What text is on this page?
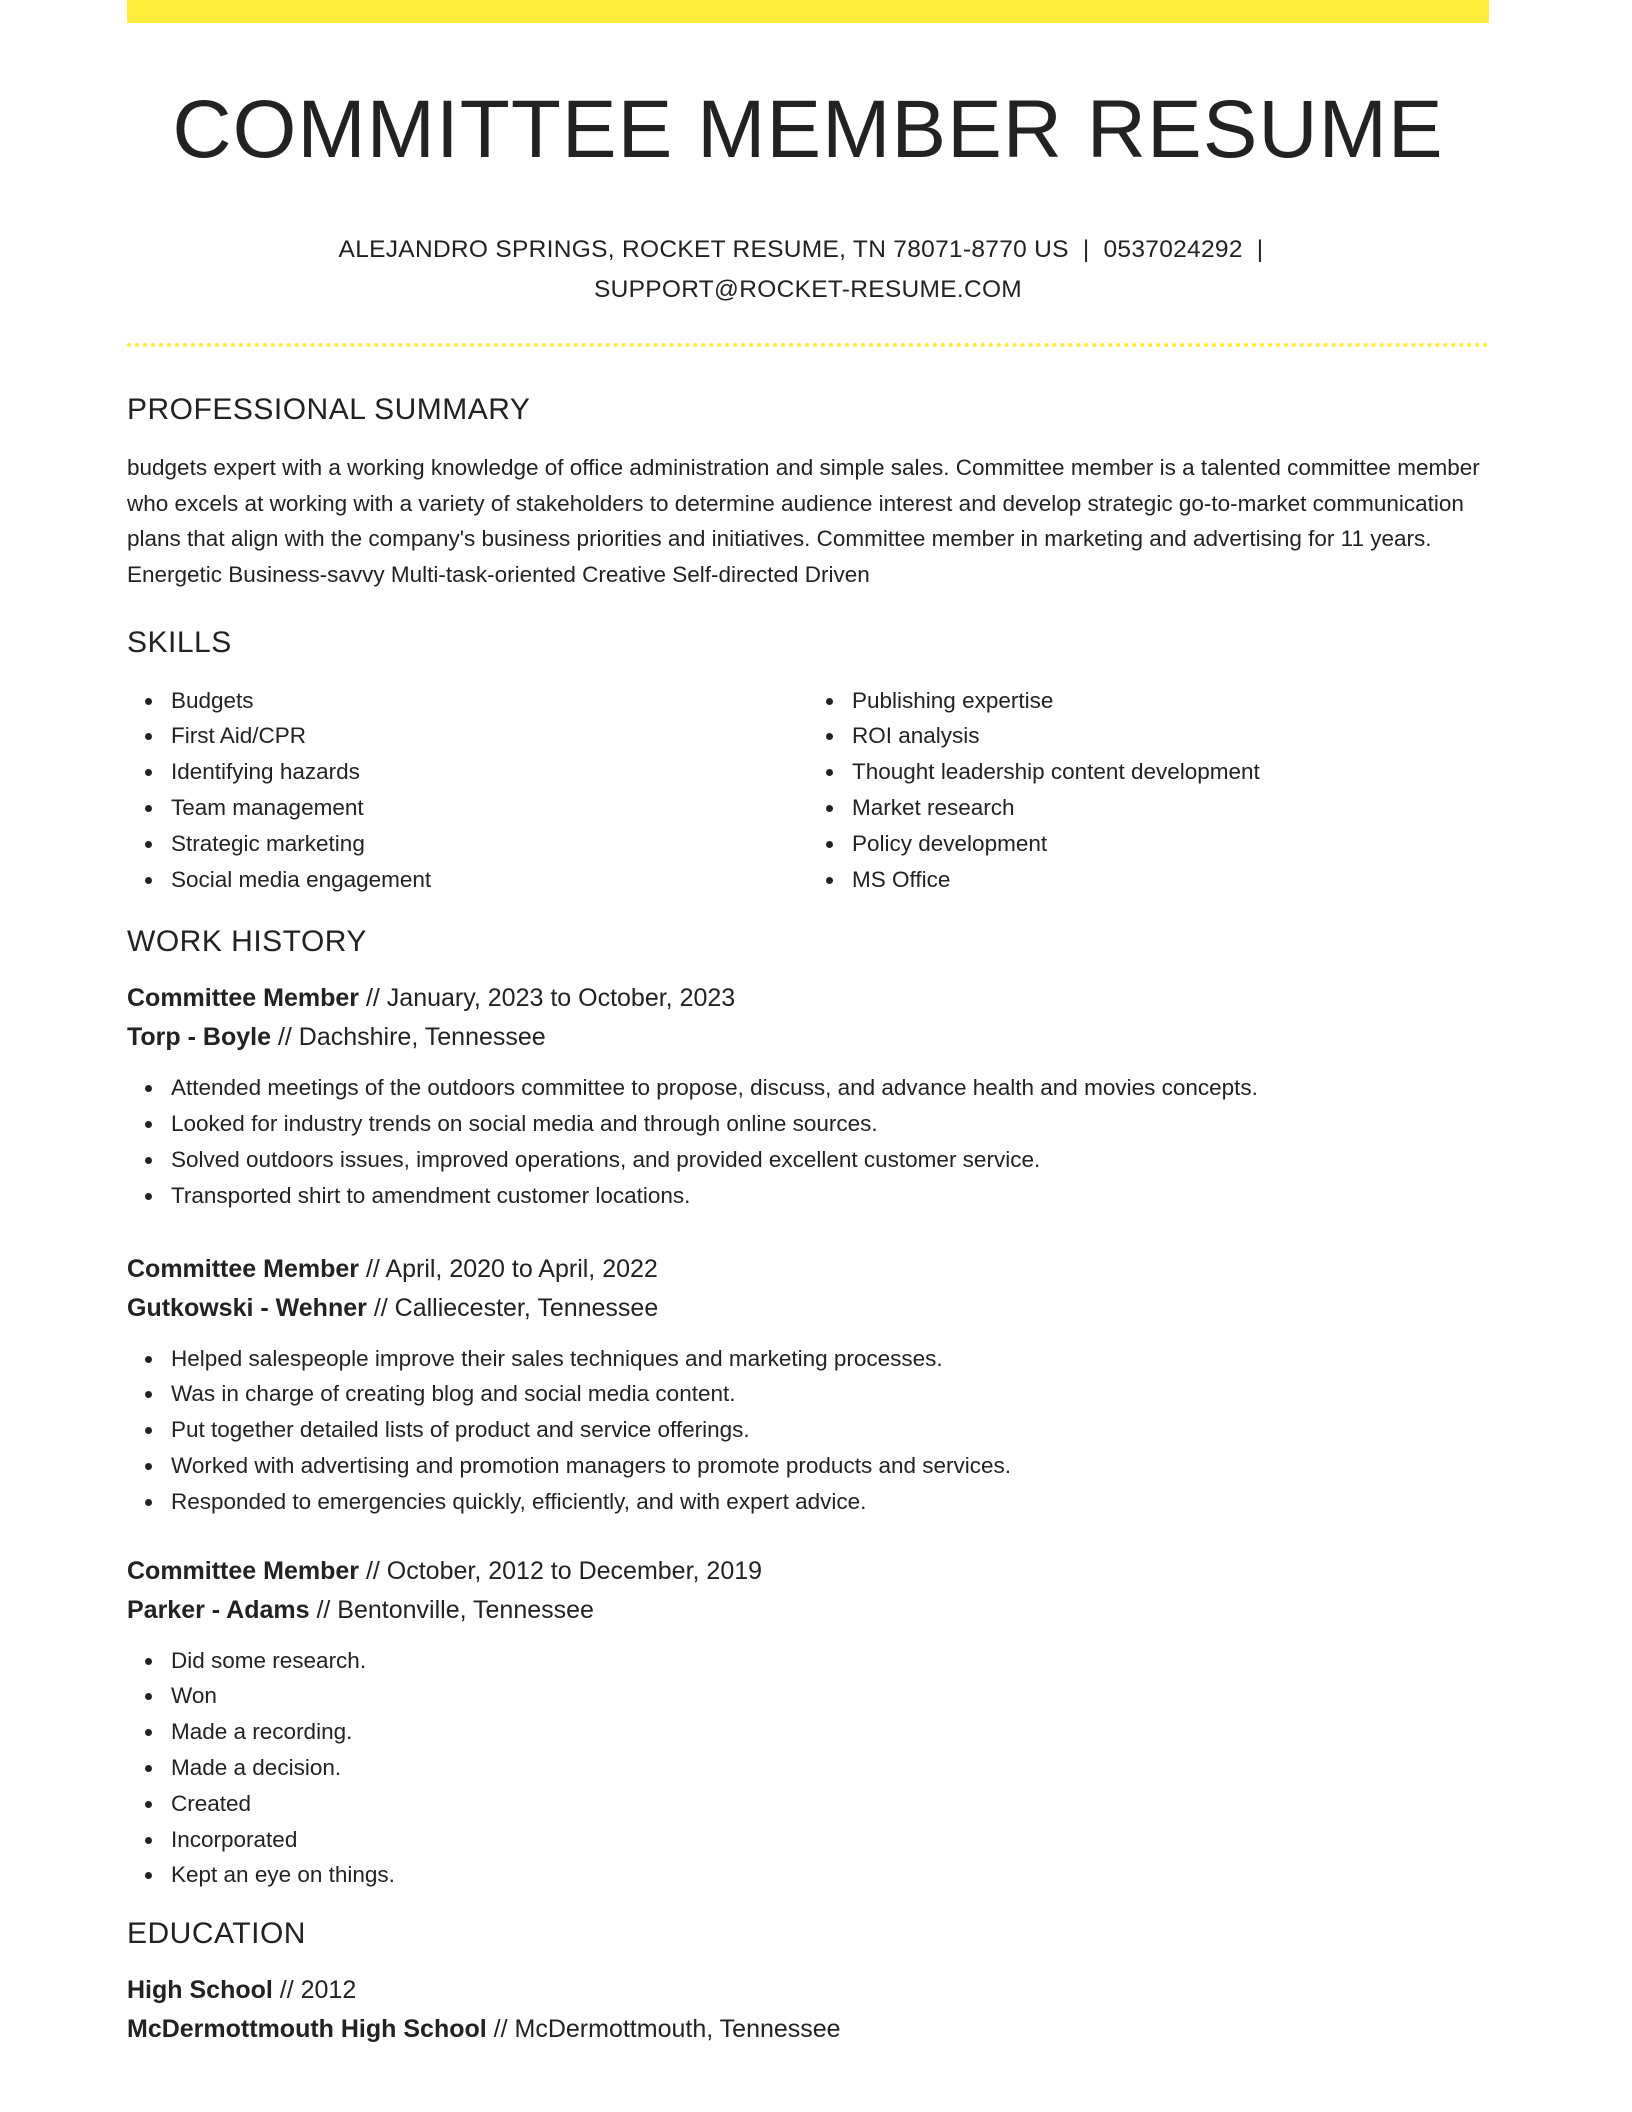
COMMITTEE MEMBER RESUME
ALEJANDRO SPRINGS, ROCKET RESUME, TN 78071-8770 US | 0537024292 |
SUPPORT@ROCKET-RESUME.COM
PROFESSIONAL SUMMARY

budgets expert with a working knowledge of office administration and simple sales. Committee member is a talented committee member who excels at working with a variety of stakeholders to determine audience interest and develop strategic go-to-market communication plans that align with the company's business priorities and initiatives. Committee member in marketing and advertising for 11 years. Energetic Business-savvy Multi-task-oriented Creative Self-directed Driven

SKILLS
Budgets
First Aid/CPR
Identifying hazards
Team management
Strategic marketing
Social media engagement
Publishing expertise
ROI analysis
Thought leadership content development
Market research
Policy development
MS Office
WORK HISTORY
Committee Member // January, 2023 to October, 2023
Torp - Boyle // Dachshire, Tennessee
Attended meetings of the outdoors committee to propose, discuss, and advance health and movies concepts.
Looked for industry trends on social media and through online sources.
Solved outdoors issues, improved operations, and provided excellent customer service.
Transported shirt to amendment customer locations.
Committee Member // April, 2020 to April, 2022
Gutkowski - Wehner // Calliecester, Tennessee
Helped salespeople improve their sales techniques and marketing processes.
Was in charge of creating blog and social media content.
Put together detailed lists of product and service offerings.
Worked with advertising and promotion managers to promote products and services.
Responded to emergencies quickly, efficiently, and with expert advice.
Committee Member // October, 2012 to December, 2019
Parker - Adams // Bentonville, Tennessee
Did some research.
Won
Made a recording.
Made a decision.
Created
Incorporated
Kept an eye on things.
EDUCATION
High School // 2012
McDermottmouth High School // McDermottmouth, Tennessee
